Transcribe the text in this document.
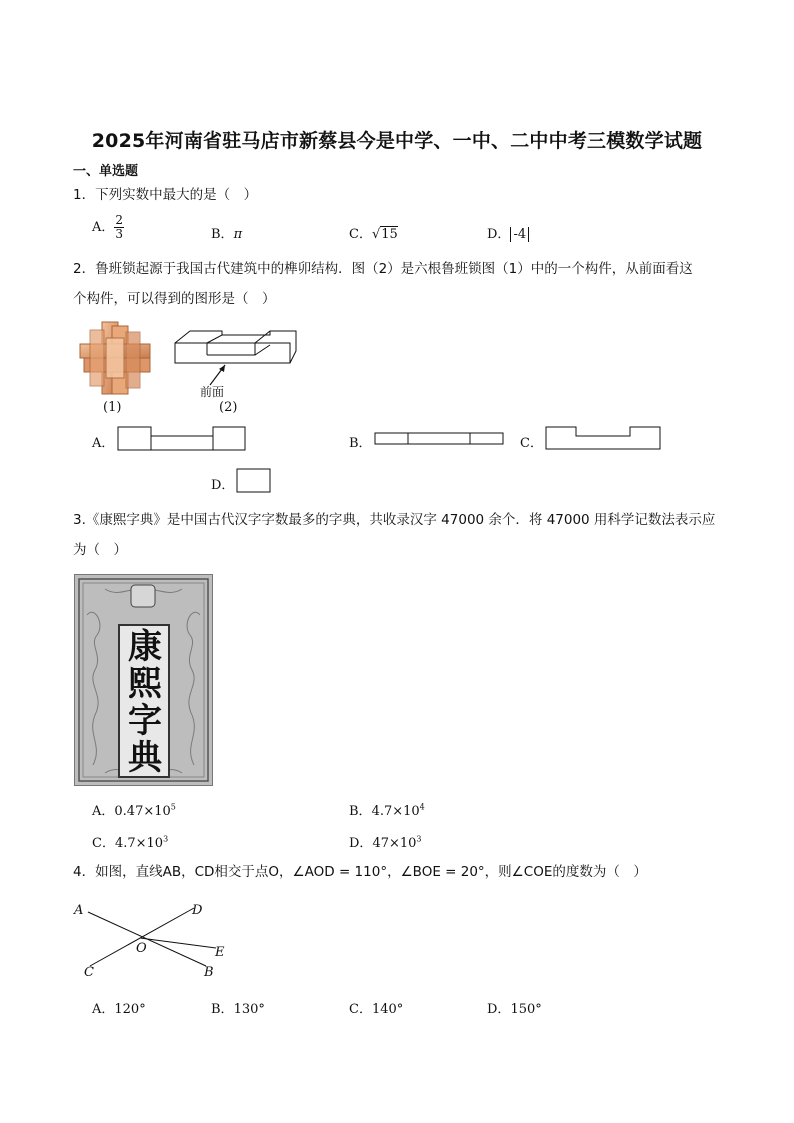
2025年河南省驻马店市新蔡县今是中学、一中、二中中考三模数学试题
一、单选题
1．下列实数中最大的是（　）
A． $\frac{2}{3}$	B．π	C．√15	D． -4
2．鲁班锁起源于我国古代建筑中的榫卯结构．图（2）是六根鲁班锁图（1）中的一个构件，从前面看这
个构件，可以得到的图形是（　）
(1)
前面
(2)
A．	B．	C．
D．
3.《康熙字典》是中国古代汉字字数最多的字典，共收录汉字 47000 余个．将 47000 用科学记数法表示应
为（　）
康
熙
字
典
A．$0.47\times 10^5$	B．$4.7\times 10^4$
C．$4.7\times 10^3$	D．$47\times 10^3$
4．如图，直线AB，CD相交于点O，∠AOD = 110°，∠BOE = 20°，则∠COE的度数为（　）
A	D
O	E
C	B
A．120°	B．130°	C．140°	D．150°
